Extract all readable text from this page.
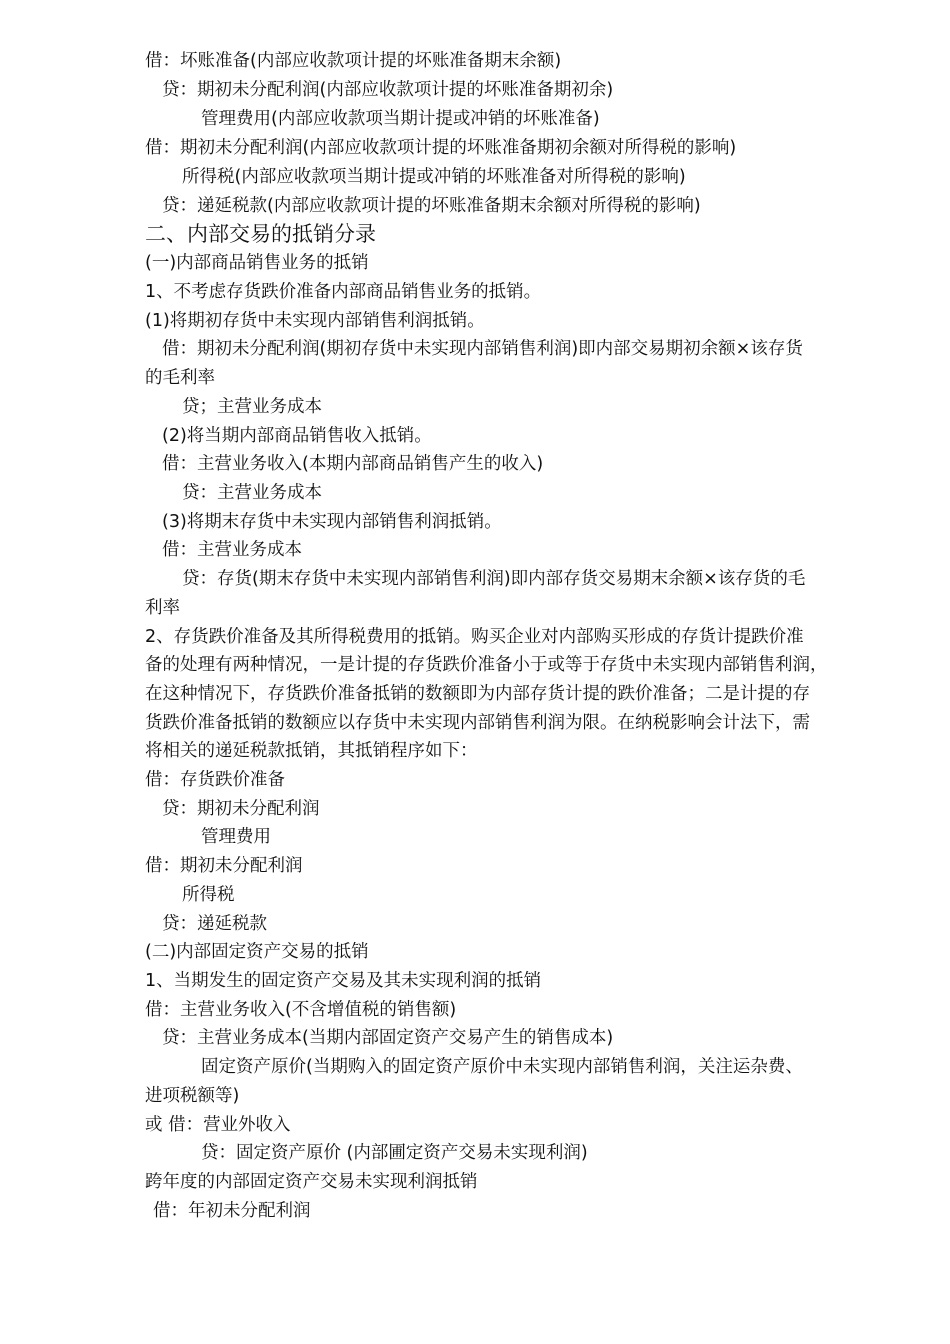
借：坏账准备(内部应收款项计提的坏账准备期末余额)
贷：期初未分配利润(内部应收款项计提的坏账准备期初余)
管理费用(内部应收款项当期计提或冲销的坏账准备)
借：期初未分配利润(内部应收款项计提的坏账准备期初余额对所得税的影响)
所得税(内部应收款项当期计提或冲销的坏账准备对所得税的影响)
贷：递延税款(内部应收款项计提的坏账准备期末余额对所得税的影响)
二、内部交易的抵销分录
(一)内部商品销售业务的抵销
1、不考虑存货跌价准备内部商品销售业务的抵销。
(1)将期初存货中未实现内部销售利润抵销。
借：期初未分配利润(期初存货中未实现内部销售利润)即内部交易期初余额×该存货
的毛利率
贷；主营业务成本
(2)将当期内部商品销售收入抵销。
借：主营业务收入(本期内部商品销售产生的收入)
贷：主营业务成本
(3)将期末存货中未实现内部销售利润抵销。
借：主营业务成本
贷：存货(期末存货中未实现内部销售利润)即内部存货交易期末余额×该存货的毛
利率
2、存货跌价准备及其所得税费用的抵销。购买企业对内部购买形成的存货计提跌价准
备的处理有两种情况，一是计提的存货跌价准备小于或等于存货中未实现内部销售利润，
在这种情况下，存货跌价准备抵销的数额即为内部存货计提的跌价准备；二是计提的存
货跌价准备抵销的数额应以存货中未实现内部销售利润为限。在纳税影响会计法下，需
将相关的递延税款抵销，其抵销程序如下：
借：存货跌价准备
贷：期初未分配利润
管理费用
借：期初未分配利润
所得税
贷：递延税款
(二)内部固定资产交易的抵销
1、当期发生的固定资产交易及其未实现利润的抵销
借：主营业务收入(不含增值税的销售额)
贷：主营业务成本(当期内部固定资产交易产生的销售成本)
固定资产原价(当期购入的固定资产原价中未实现内部销售利润，关注运杂费、
进项税额等)
或 借：营业外收入
贷：固定资产原价 (内部圃定资产交易未实现利润)
跨年度的内部固定资产交易未实现利润抵销
借：年初未分配利润
